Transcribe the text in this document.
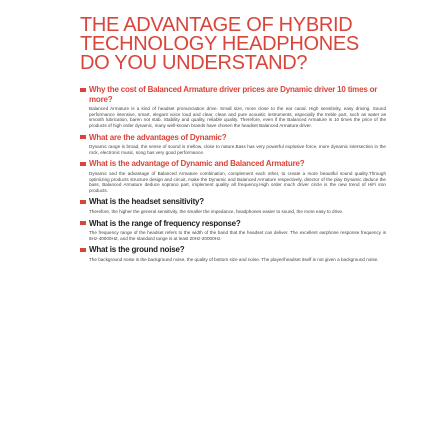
THE ADVANTAGE OF HYBRID
TECHNOLOGY HEADPHONES
DO YOU UNDERSTAND?
Why the cost of Balanced Armature driver prices are Dynamic driver 10 times or more?

Balanced Armature is a kind of headset pronunciation drive. Small size, more close to the ear canal. High sensitivity, easy driving. Sound performance intensive, smart, elegant voice loud and clear, clean and pure acoustic instruments, especially the treble part, such as water as smooth lubrication, baren not stab. Stability and quality, reliable quality. Therefore, even if the Balanced Armature is 10 times the price of the products of high order dynamic, many well-known brands have chosen the headset Balanced Armature driver.

What are the advantages of Dynamic?

Dynamic range is broad, the sense of sound is mellow, close to nature.Bass has very powerful explosive force, more dynamic intersection in the rock, electronic music, song has very good performance.

What is the advantage of Dynamic and Balanced Armature?

Dynamic and the advantage of Balanced Armature combination, complement each other, to create a more beautiful sound quality.Through optimizing products structure design and circuit, make the Dynamic and Balanced Armature respectively, director of the play Dynamic deduce the bass, Balanced Armature deduce soprano part, implement quality all frequency.High order much driver circle is the new trend of HiFi iron products.

What is the headset sensitivity?

Therefore, the higher the general sensitivity, the smaller the impedance, headphones easier to sound, the more easy to drive.

What is the range of frequency response?

The frequency range of the headset refers to the width of the band that the headset can deliver. The excellent earphone response frequency is 5Hz-40000HZ, and the standard range is at least 20Hz-20000Hz.

What is the ground noise?

The background noise is the background noise, the quality of bottom size and noise. The player/headset itself is not given a background noise.
